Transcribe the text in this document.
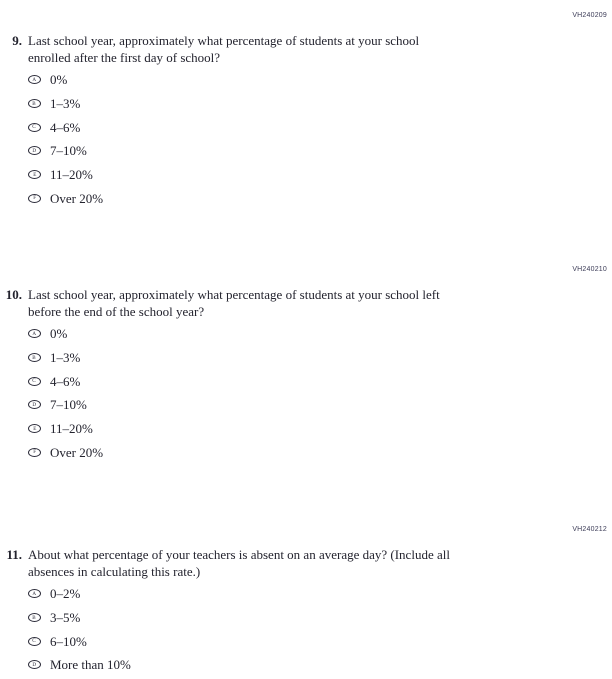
VH240209
9. Last school year, approximately what percentage of students at your school
enrolled after the first day of school?
A 0%
B 1–3%
C 4–6%
D 7–10%
E 11–20%
F Over 20%
VH240210
10. Last school year, approximately what percentage of students at your school left
before the end of the school year?
A 0%
B 1–3%
C 4–6%
D 7–10%
E 11–20%
F Over 20%
VH240212
11. About what percentage of your teachers is absent on an average day? (Include all
absences in calculating this rate.)
A 0–2%
B 3–5%
C 6–10%
D More than 10%
